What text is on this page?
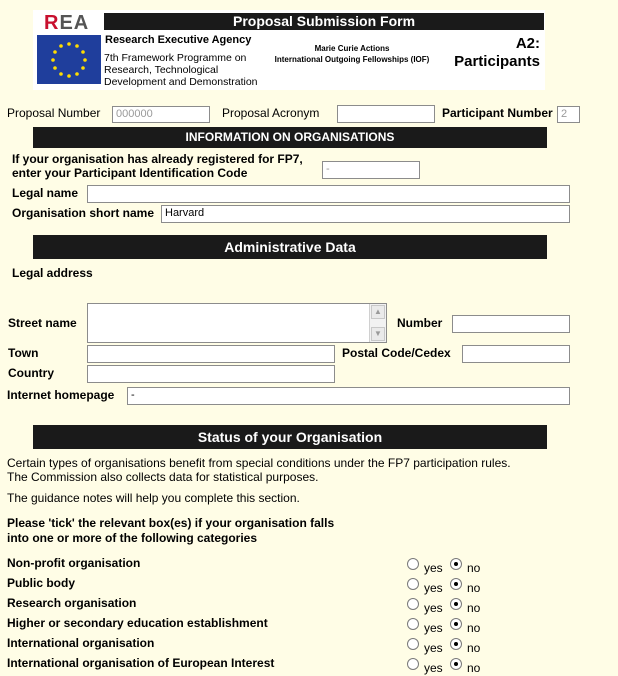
REA	Proposal Submission Form
Research Executive Agency
7th Framework Programme on
Research, Technological
Development and Demonstration
Marie Curie Actions
International Outgoing Fellowships (IOF)
A2:
Participants
Proposal Number	000000	Proposal Acronym	Participant Number 2
INFORMATION ON ORGANISATIONS
If your organisation has already registered for FP7,
enter your Participant Identification Code	-
Legal name
Organisation short name Harvard
Administrative Data
Legal address
Street name
▲
▼
Number
Town	Postal Code/Cedex
Country
Internet homepage	-
Status of your Organisation
Certain types of organisations benefit from special conditions under the FP7 participation rules.
The Commission also collects data for statistical purposes.
The guidance notes will help you complete this section.
Please 'tick' the relevant box(es) if your organisation falls
into one or more of the following categories
Non-profit organisation	yes no
Public body	yes no
Research organisation	yes no
Higher or secondary education establishment	yes no
International organisation	yes no
International organisation of European Interest	yes no
